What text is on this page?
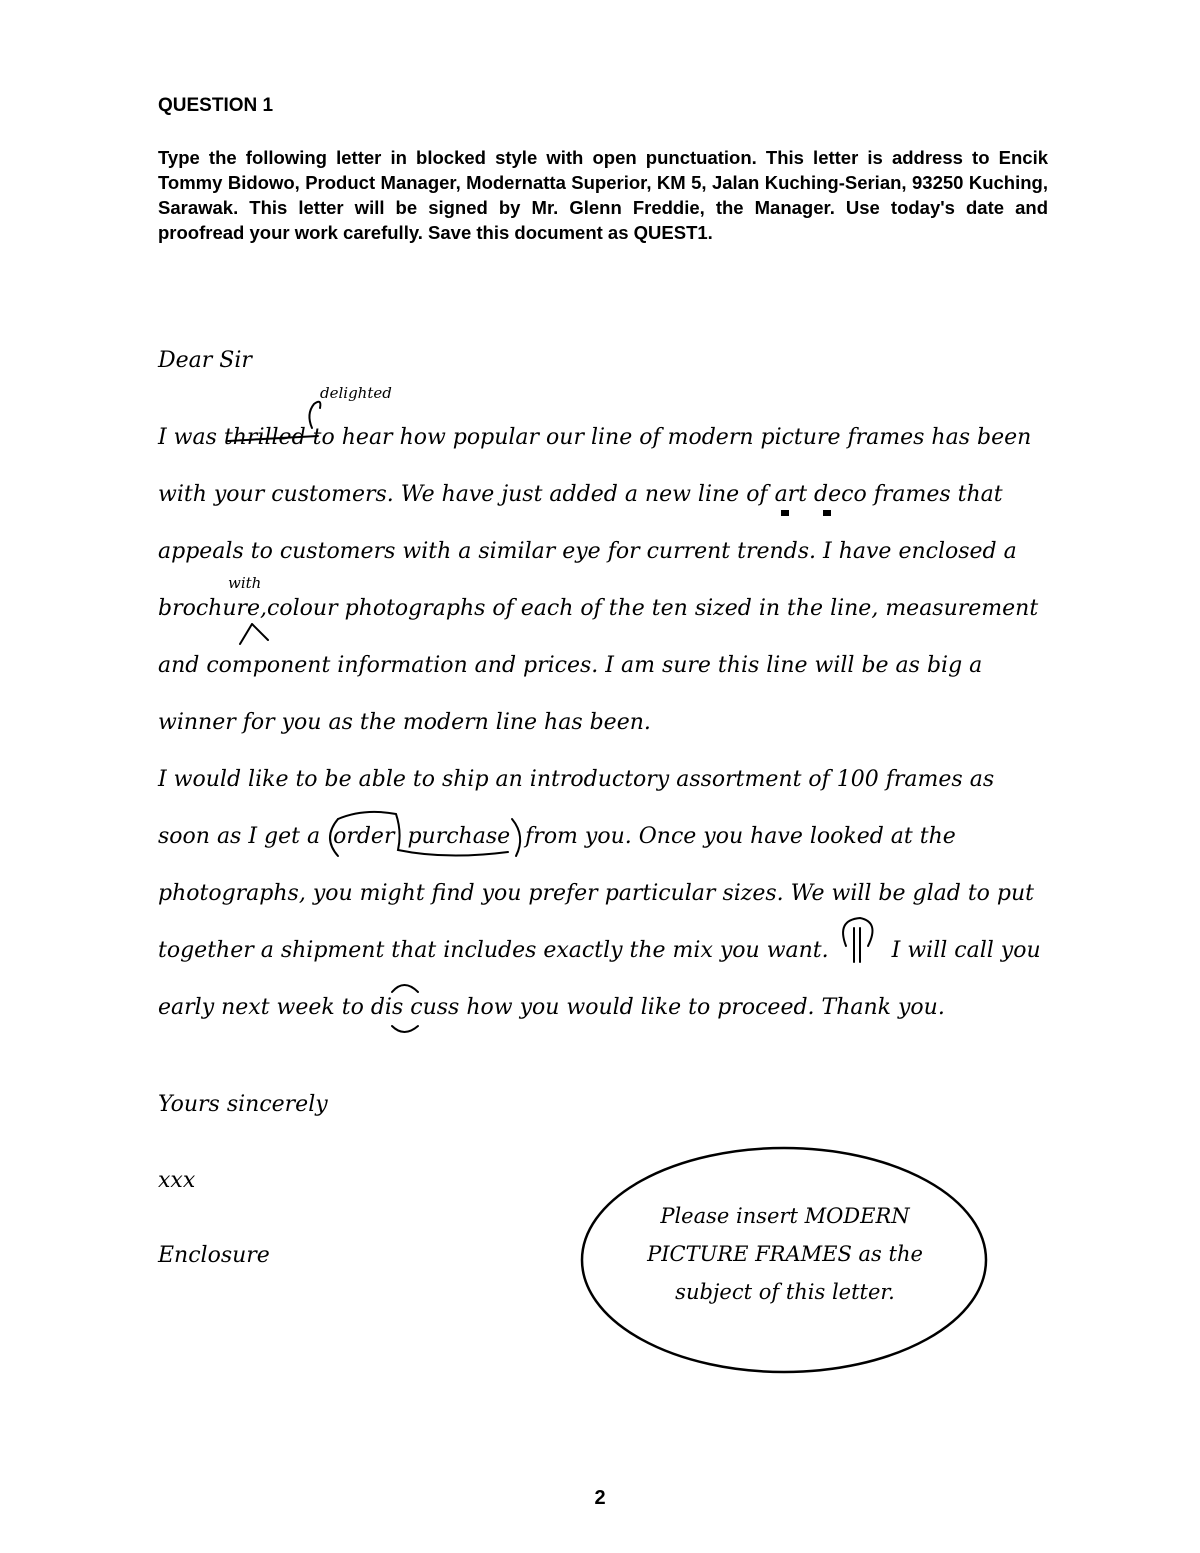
QUESTION 1
Type the following letter in blocked style with open punctuation. This letter is address to Encik Tommy Bidowo, Product Manager, Modernatta Superior, KM 5, Jalan Kuching-Serian, 93250 Kuching, Sarawak. This letter will be signed by Mr. Glenn Freddie, the Manager. Use today's date and proofread your work carefully. Save this document as QUEST1.
Dear Sir
delighted
I was thrilled to hear how popular our line of modern picture frames has been
with your customers. We have just added a new line of art deco frames that
appeals to customers with a similar eye for current trends. I have enclosed a
with
brochure,colour photographs of each of the ten sized in the line, measurement
and component information and prices. I am sure this line will be as big a
winner for you as the modern line has been.
I would like to be able to ship an introductory assortment of 100 frames as
soon as I get a order purchase from you. Once you have looked at the
photographs, you might find you prefer particular sizes. We will be glad to put
together a shipment that includes exactly the mix you want.	I will call you
early next week to dis cuss how you would like to proceed. Thank you.
Yours sincerely
xxx
Enclosure
Please insert MODERN PICTURE FRAMES as the subject of this letter.
2
